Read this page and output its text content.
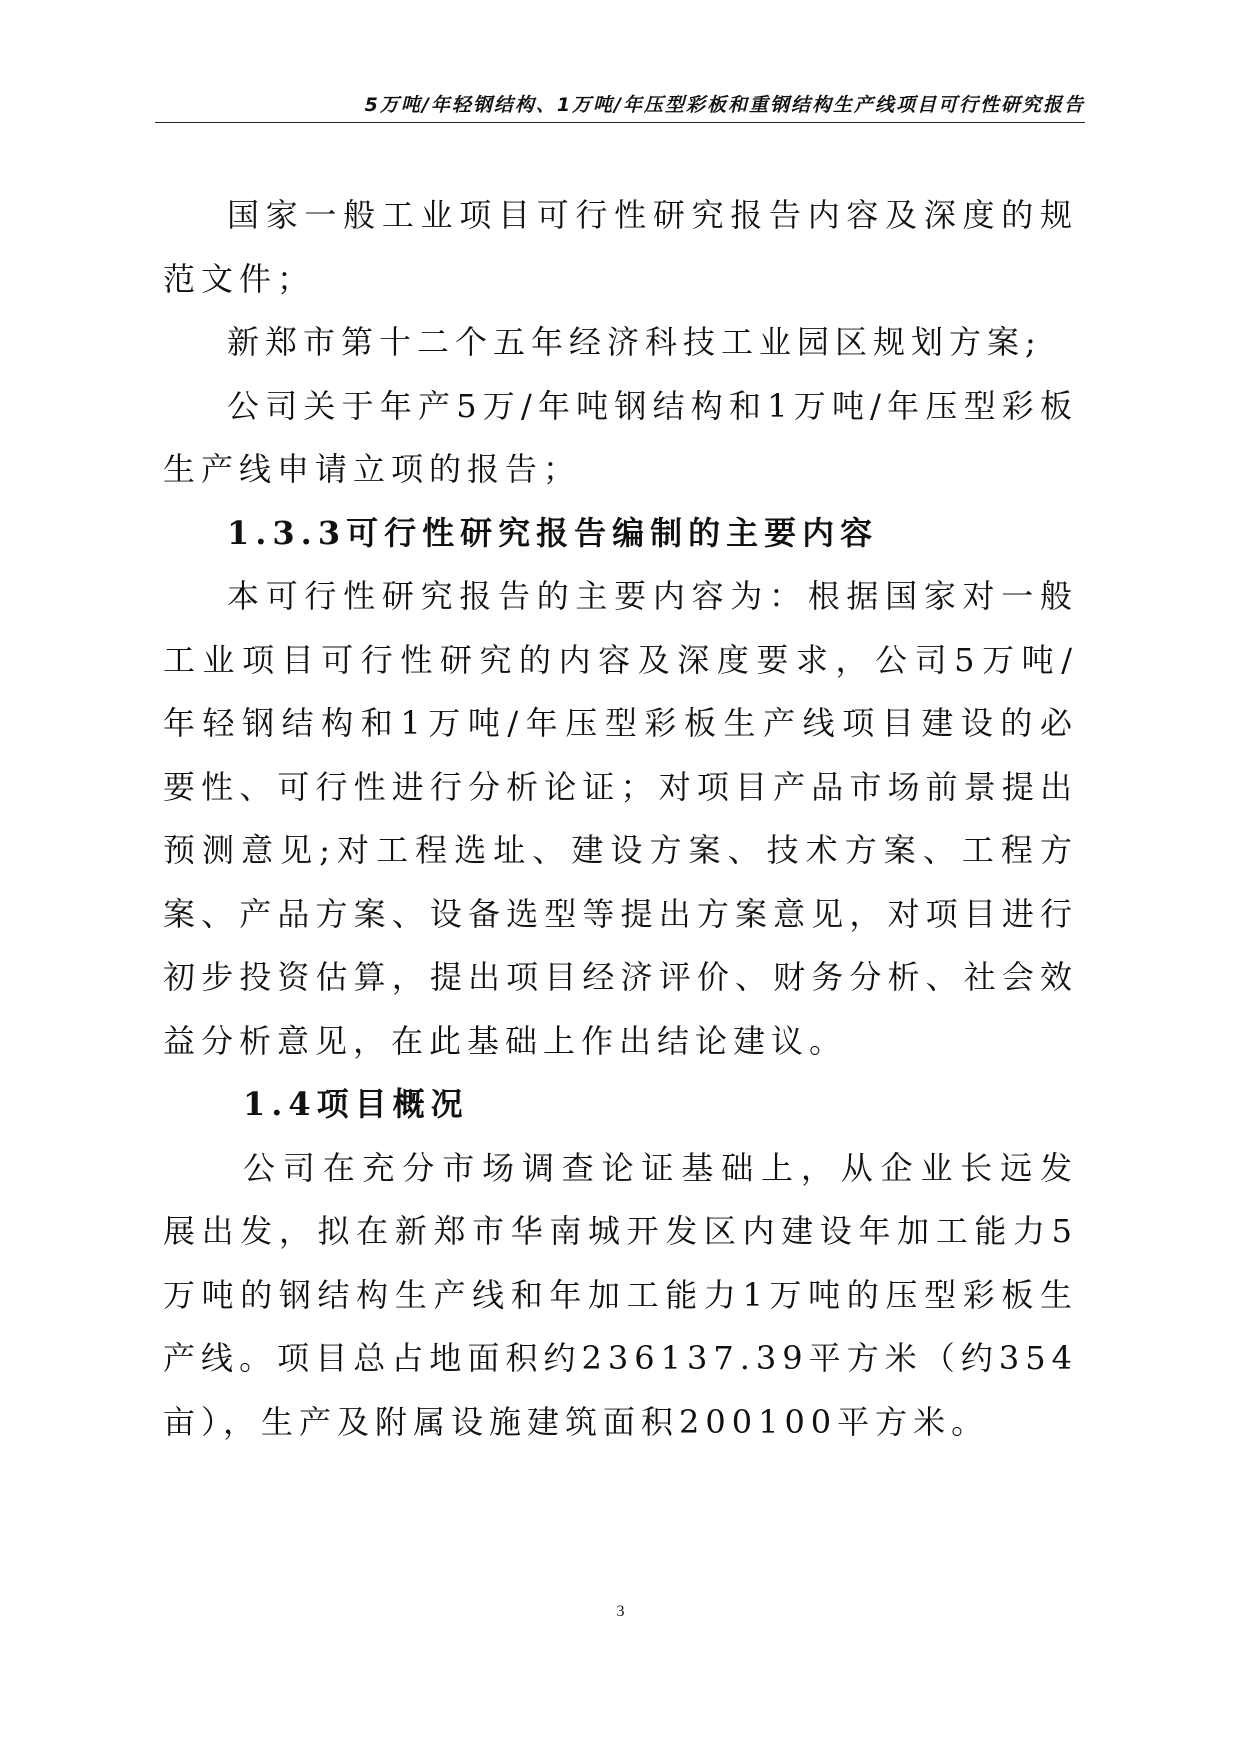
5万吨/年轻钢结构、1万吨/年压型彩板和重钢结构生产线项目可行性研究报告

国家一般工业项目可行性研究报告内容及深度的规范文件；

新郑市第十二个五年经济科技工业园区规划方案;

公司关于年产5万/年吨钢结构和1万吨/年压型彩板生产线申请立项的报告；

1.3.3可行性研究报告编制的主要内容

本可行性研究报告的主要内容为：根据国家对一般工业项目可行性研究的内容及深度要求，公司5万吨/年轻钢结构和1万吨/年压型彩板生产线项目建设的必要性、可行性进行分析论证；对项目产品市场前景提出预测意见;对工程选址、建设方案、技术方案、工程方案、产品方案、设备选型等提出方案意见，对项目进行初步投资估算，提出项目经济评价、财务分析、社会效益分析意见，在此基础上作出结论建议。

1.4项目概况

公司在充分市场调查论证基础上，从企业长远发展出发，拟在新郑市华南城开发区内建设年加工能力5万吨的钢结构生产线和年加工能力1万吨的压型彩板生产线。项目总占地面积约236137.39平方米（约354亩），生产及附属设施建筑面积200100平方米。

3
